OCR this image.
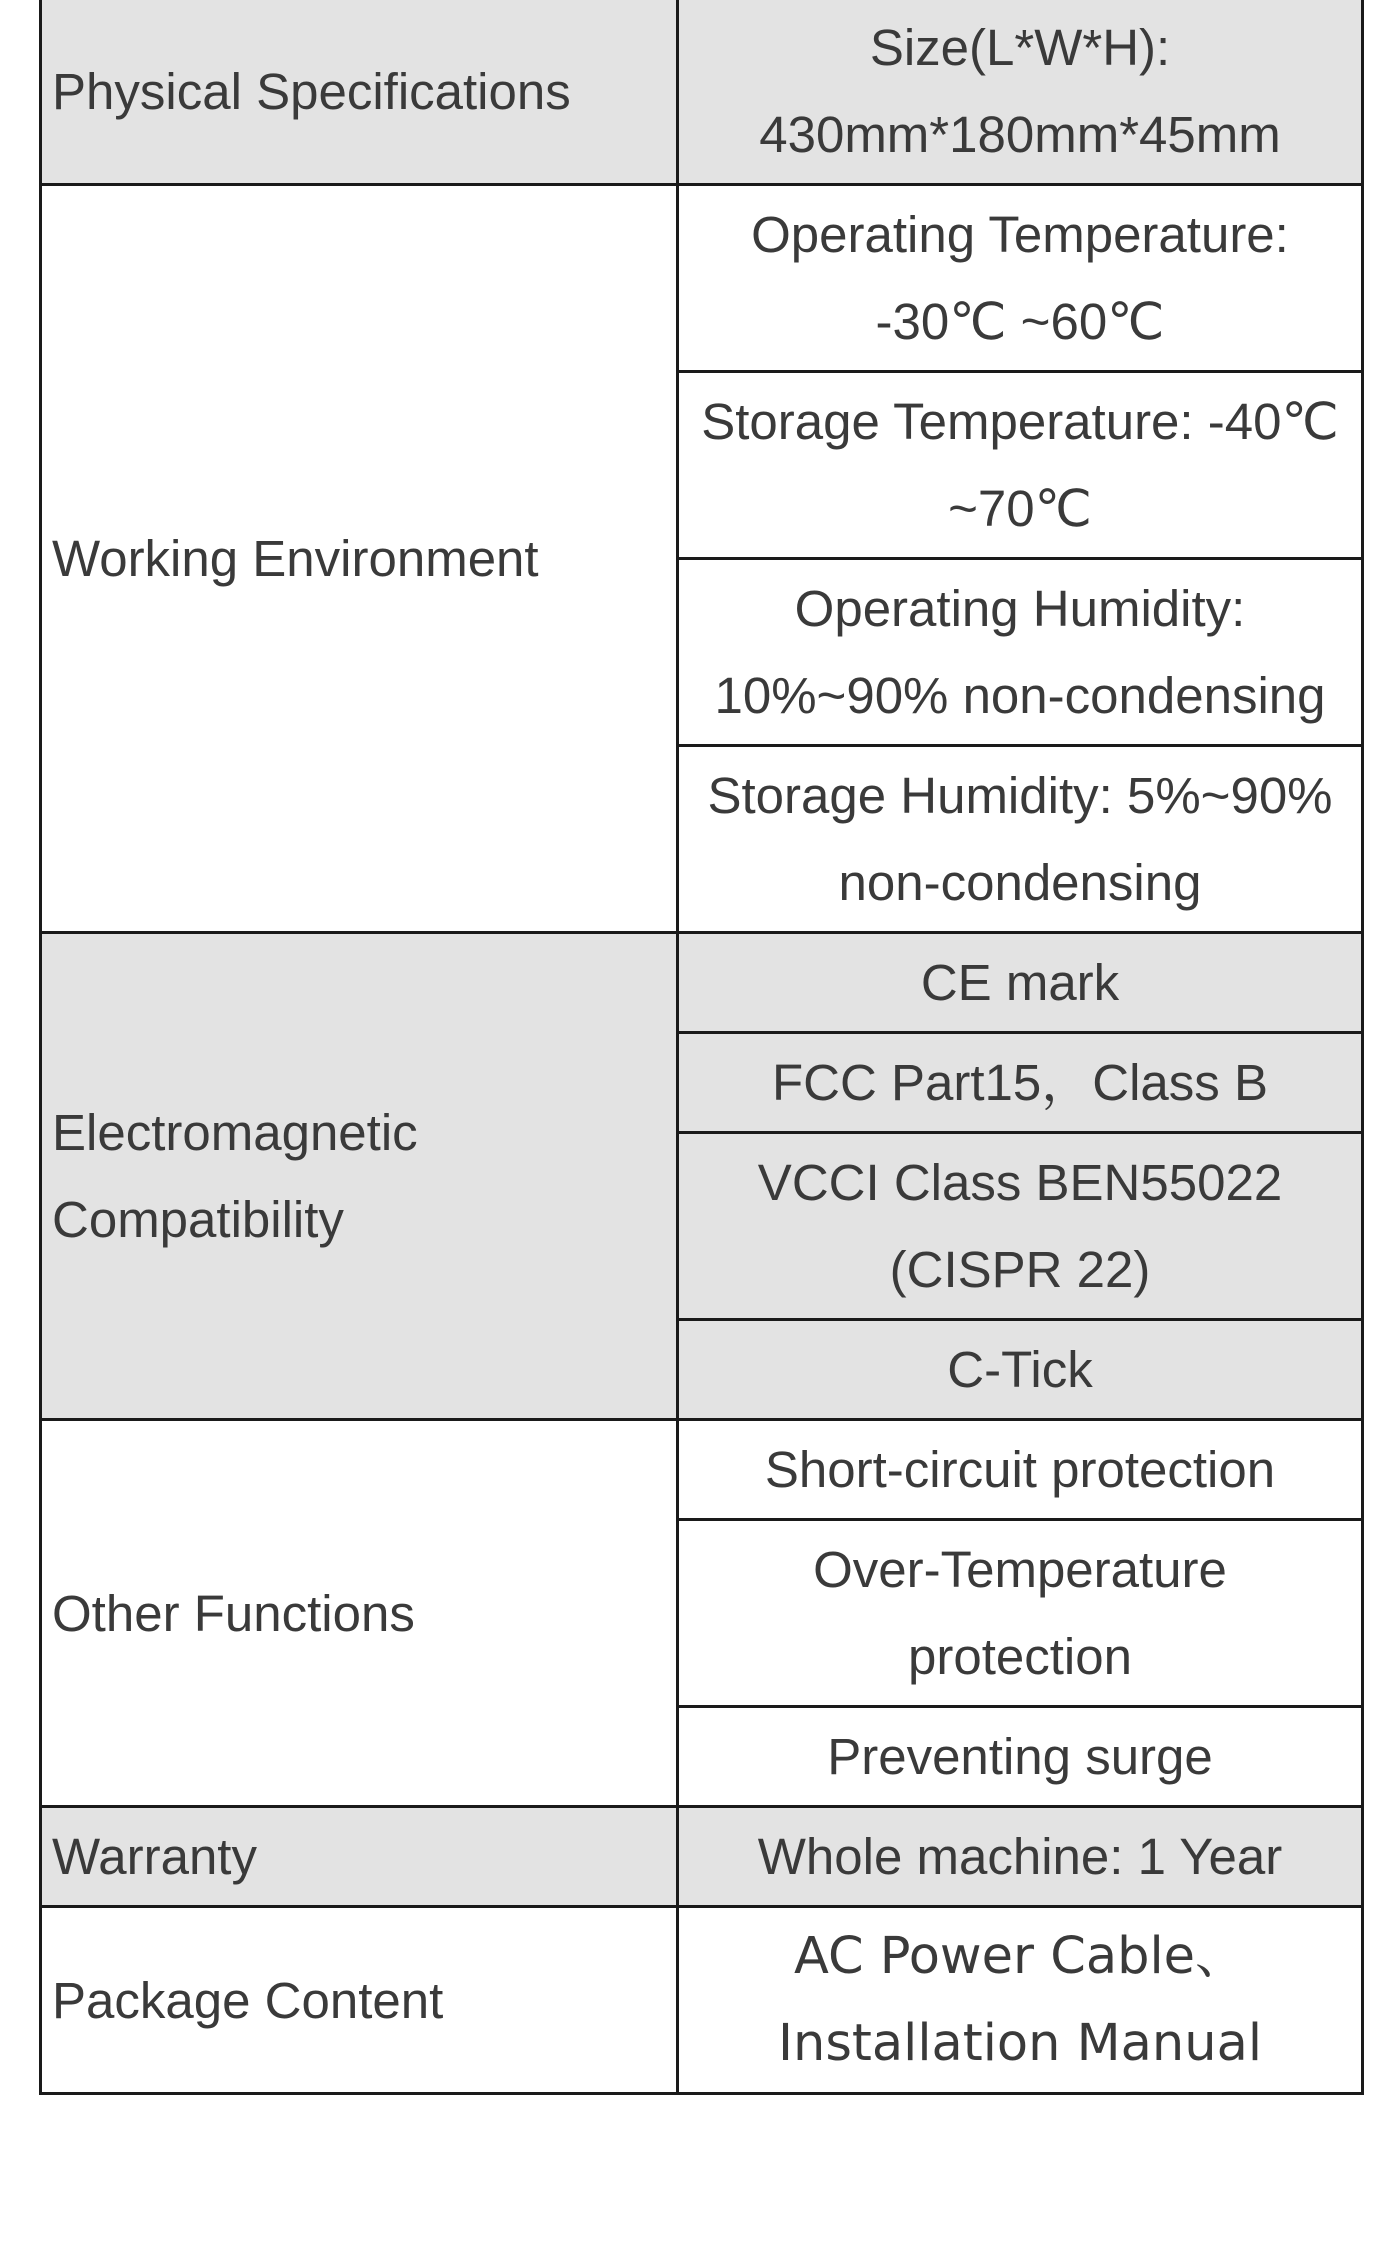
Physical Specifications	Size(L*W*H):
430mm*180mm*45mm

Working Environment	Operating Temperature:
-30℃ ~60℃

	Storage Temperature: -40℃
~70℃

	Operating Humidity:
10%~90% non-condensing

	Storage Humidity: 5%~90%
non-condensing

Electromagnetic
Compatibility	CE mark
	FCC Part15，Class B

	VCCI Class BEN55022
(CISPR 22)

	C-Tick
Other Functions	Short-circuit protection

	Over-Temperature
protection

	Preventing surge
Warranty	Whole machine: 1 Year
Package Content	AC Power Cable、
Installation Manual
